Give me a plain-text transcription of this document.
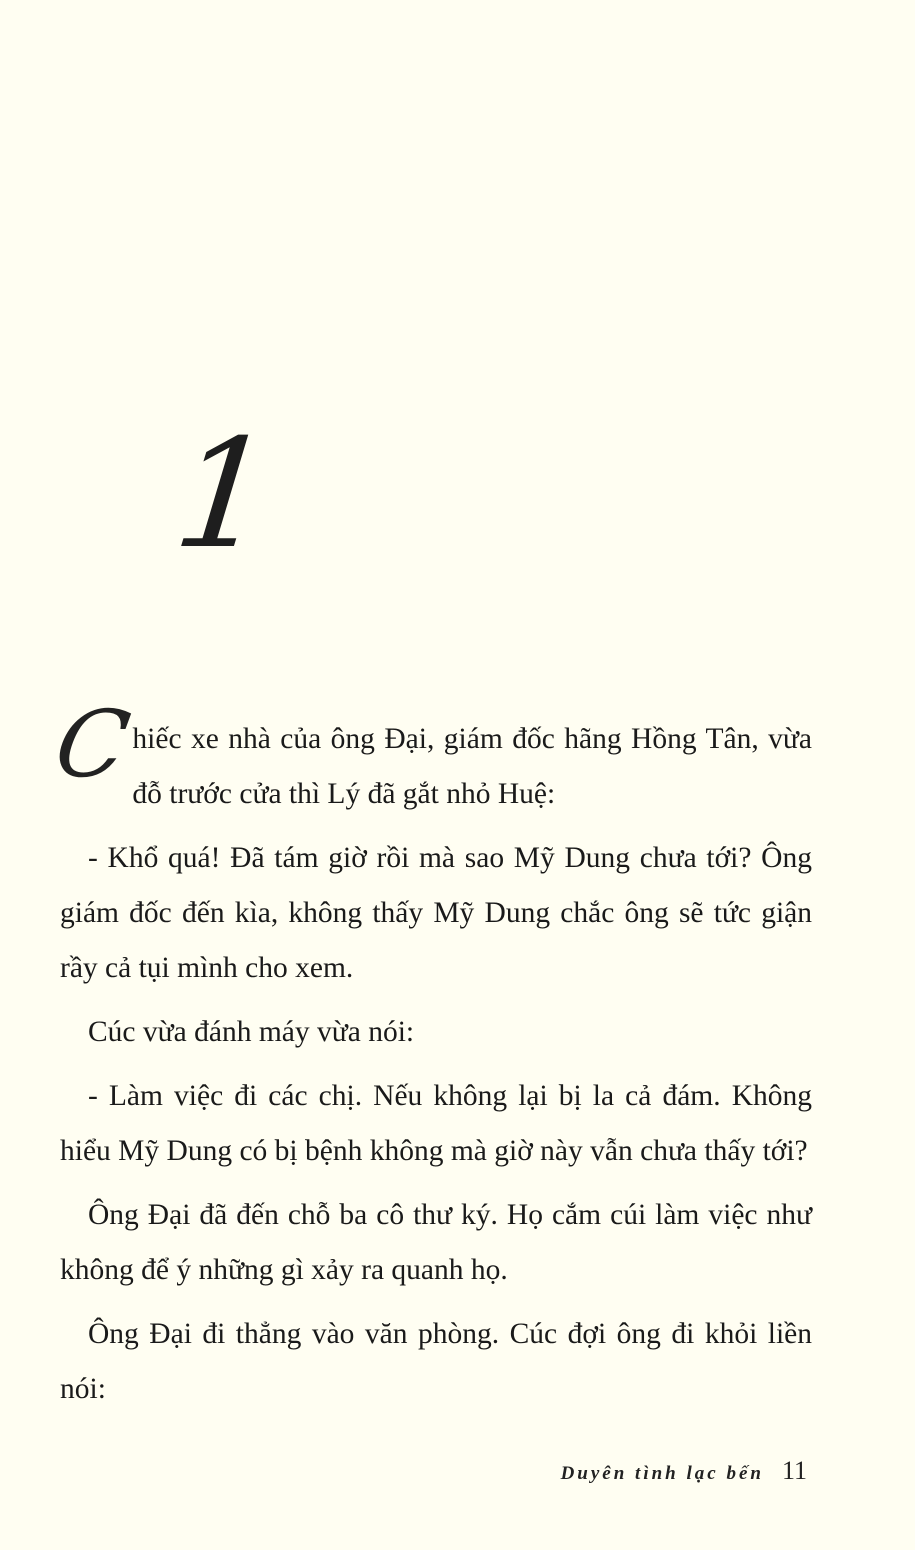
1

C
hiếc xe nhà của ông Đại, giám đốc hãng Hồng Tân, vừa đỗ trước cửa thì Lý đã gắt nhỏ Huệ:

- Khổ quá! Đã tám giờ rồi mà sao Mỹ Dung chưa tới? Ông giám đốc đến kìa, không thấy Mỹ Dung chắc ông sẽ tức giận rầy cả tụi mình cho xem.

Cúc vừa đánh máy vừa nói:

- Làm việc đi các chị. Nếu không lại bị la cả đám. Không hiểu Mỹ Dung có bị bệnh không mà giờ này vẫn chưa thấy tới?

Ông Đại đã đến chỗ ba cô thư ký. Họ cắm cúi làm việc như không để ý những gì xảy ra quanh họ.

Ông Đại đi thẳng vào văn phòng. Cúc đợi ông đi khỏi liền nói:

Duyên tình lạc bến 11
